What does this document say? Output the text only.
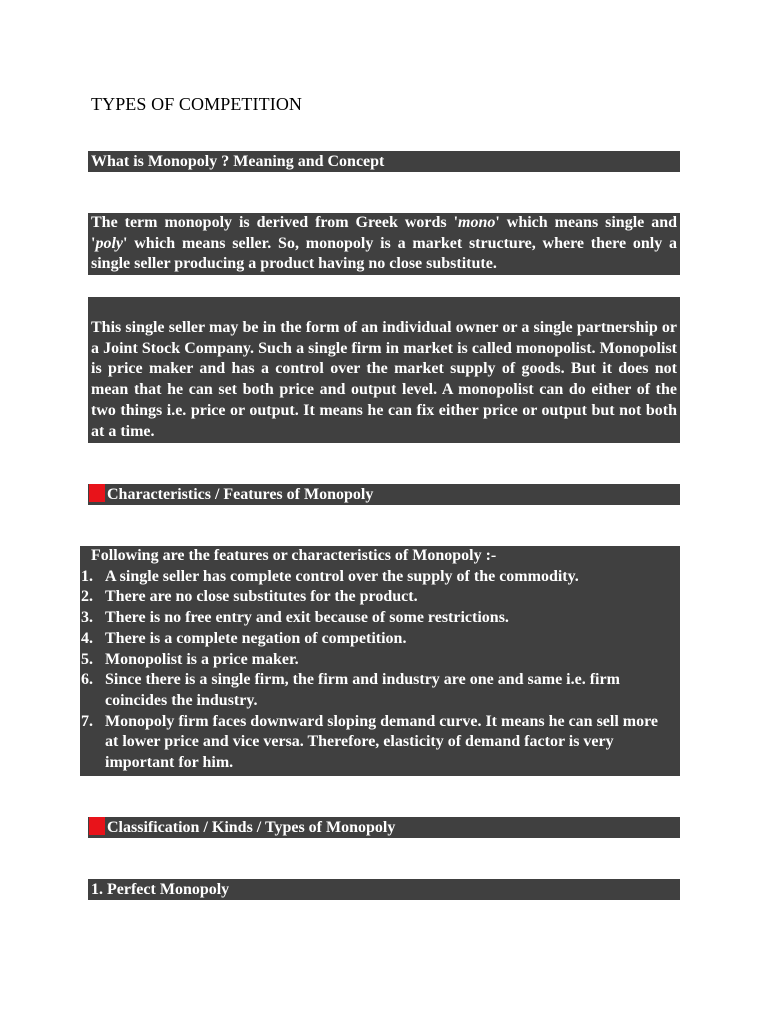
TYPES OF COMPETITION
What is Monopoly ? Meaning and Concept
The term monopoly is derived from Greek words 'mono' which means single and 'poly' which means seller. So, monopoly is a market structure, where there only a single seller producing a product having no close substitute.
This single seller may be in the form of an individual owner or a single partnership or a Joint Stock Company. Such a single firm in market is called monopolist. Monopolist is price maker and has a control over the market supply of goods. But it does not mean that he can set both price and output level. A monopolist can do either of the two things i.e. price or output. It means he can fix either price or output but not both at a time.
Characteristics / Features of Monopoly
Following are the features or characteristics of Monopoly :-
1. A single seller has complete control over the supply of the commodity.
2. There are no close substitutes for the product.
3. There is no free entry and exit because of some restrictions.
4. There is a complete negation of competition.
5. Monopolist is a price maker.
6. Since there is a single firm, the firm and industry are one and same i.e. firm coincides the industry.
7. Monopoly firm faces downward sloping demand curve. It means he can sell more at lower price and vice versa. Therefore, elasticity of demand factor is very important for him.
Classification / Kinds / Types of Monopoly
1. Perfect Monopoly
